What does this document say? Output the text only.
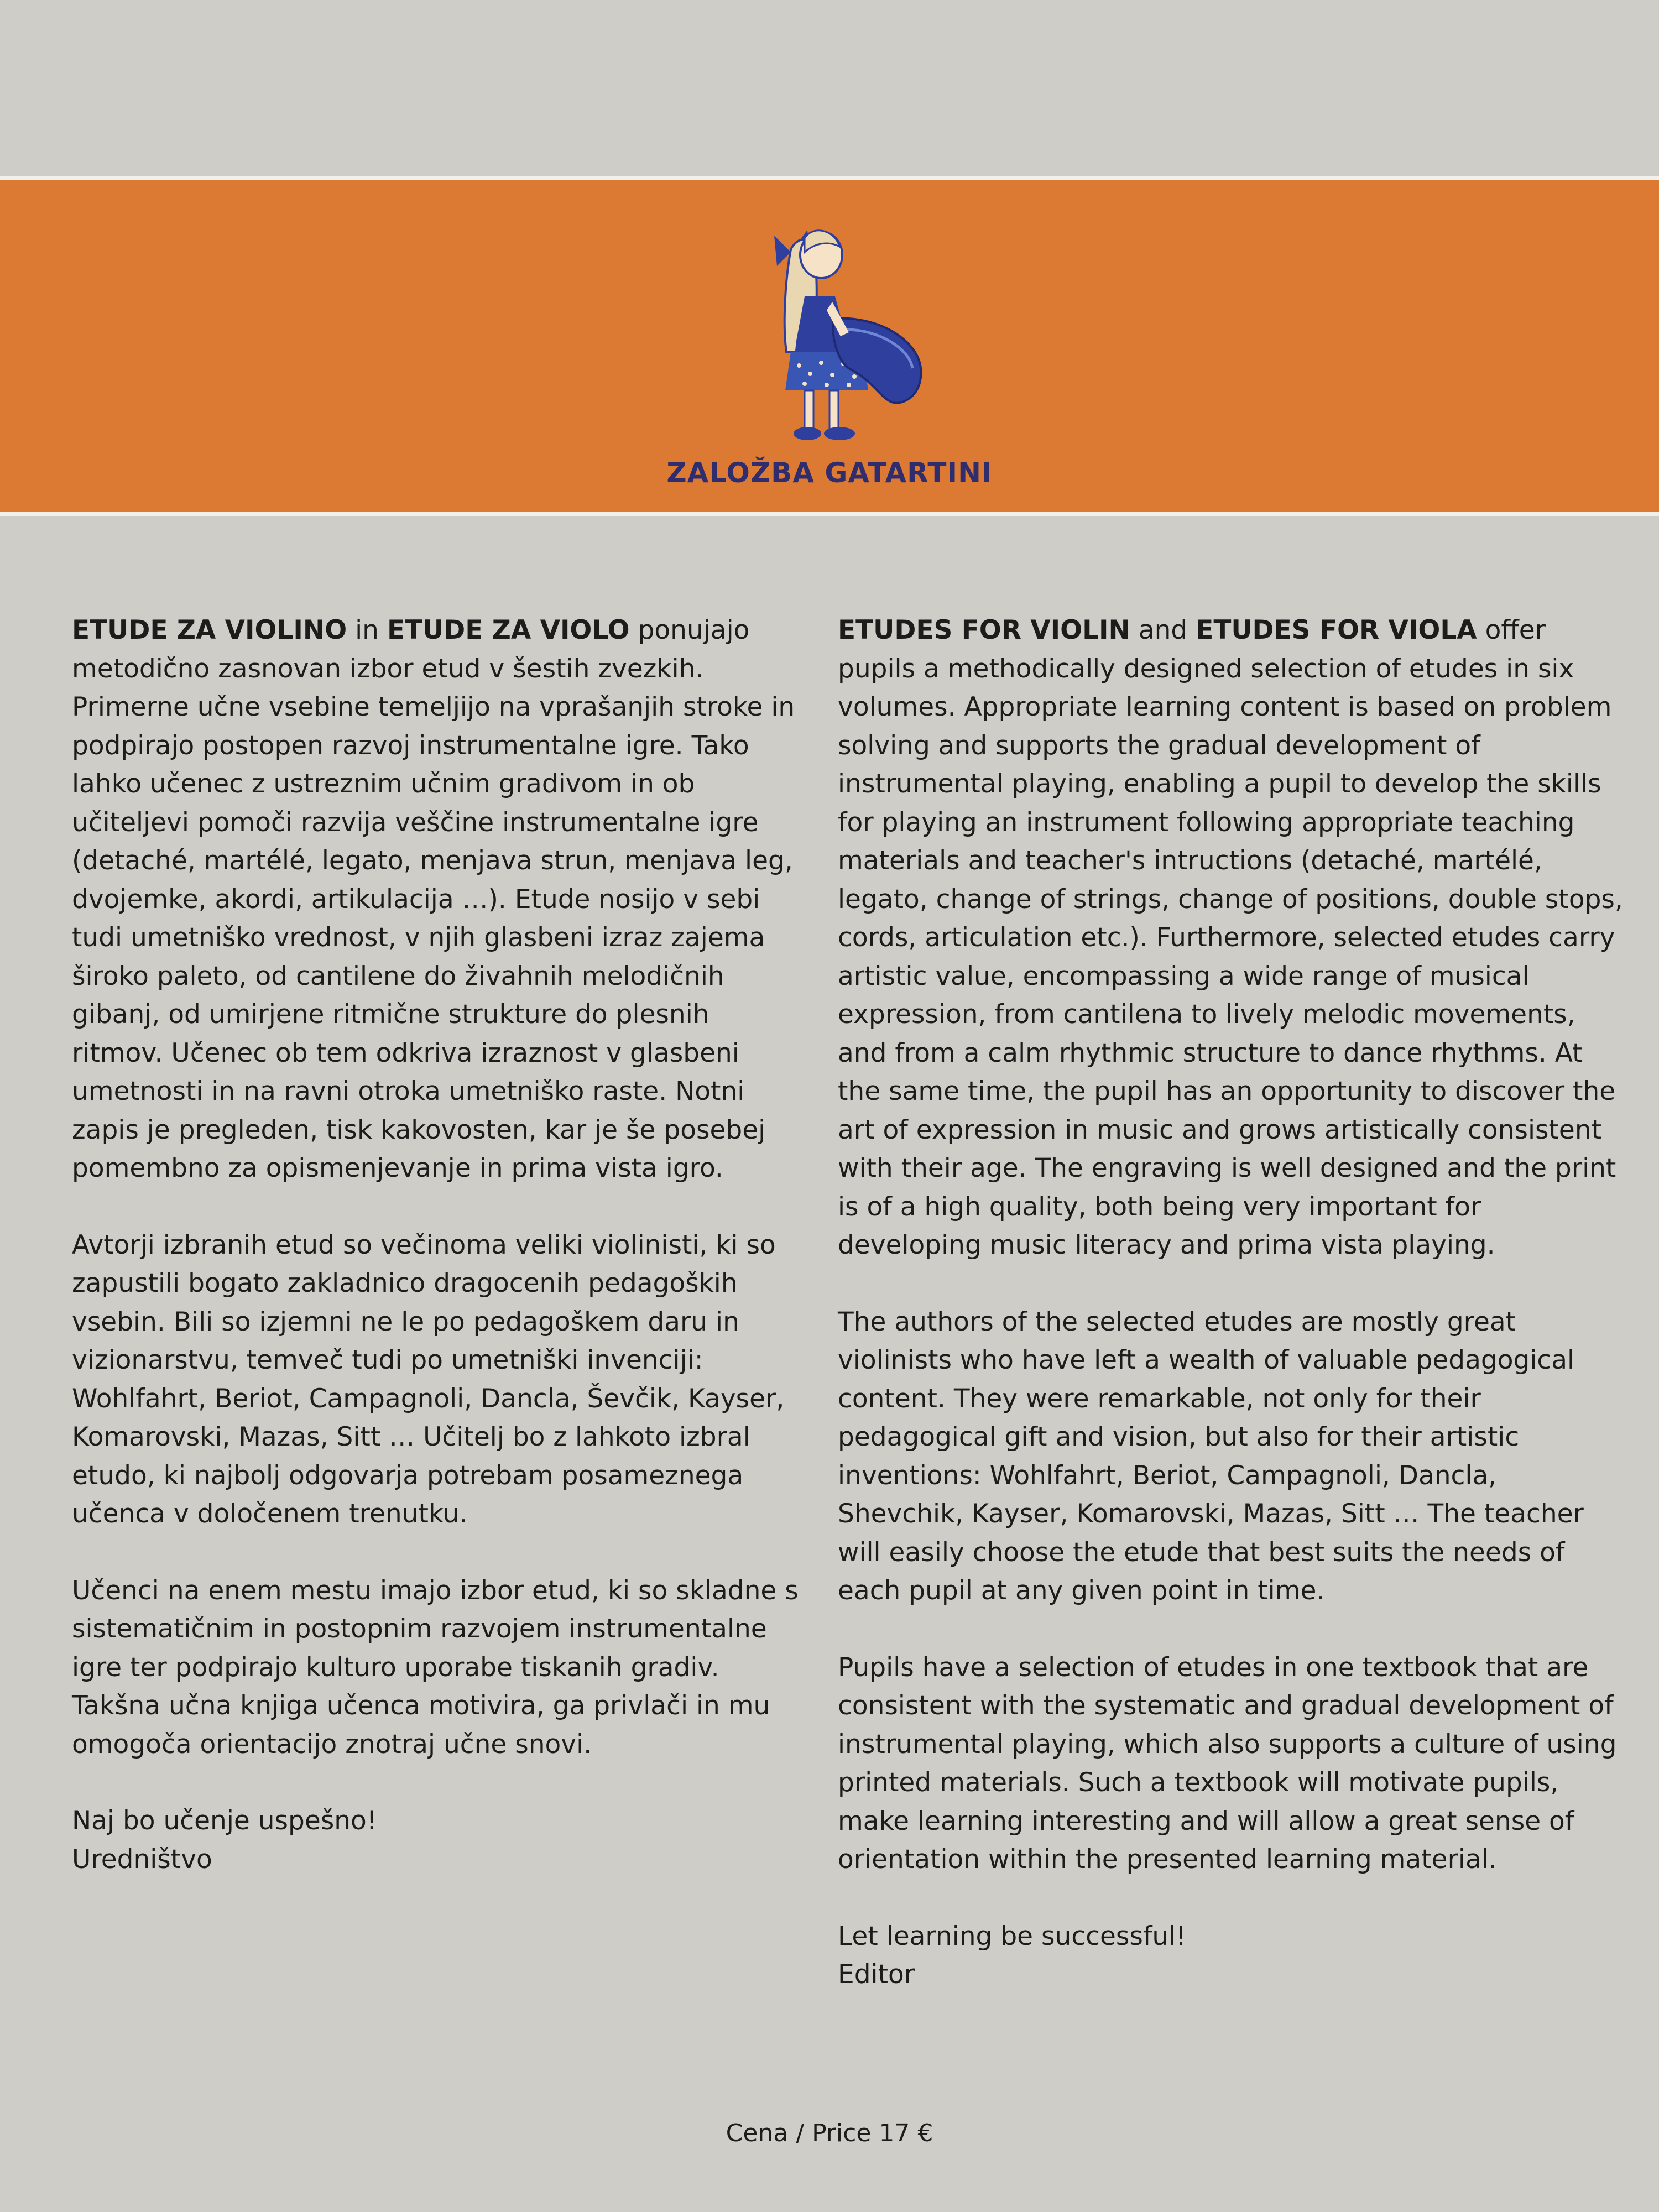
ZALOŽBA GATARTINI

ETUDE ZA VIOLINO in ETUDE ZA VIOLO ponujajo metodično zasnovan izbor etud v šestih zvezkih. Primerne učne vsebine temeljijo na vprašanjih stroke in podpirajo postopen razvoj instrumentalne igre. Tako lahko učenec z ustreznim učnim gradivom in ob učiteljevi pomoči razvija veščine instrumentalne igre (detaché, martélé, legato, menjava strun, menjava leg, dvojemke, akordi, artikulacija …). Etude nosijo v sebi tudi umetniško vrednost, v njih glasbeni izraz zajema široko paleto, od cantilene do živahnih melodičnih gibanj, od umirjene ritmične strukture do plesnih ritmov. Učenec ob tem odkriva izraznost v glasbeni umetnosti in na ravni otroka umetniško raste. Notni zapis je pregleden, tisk kakovosten, kar je še posebej pomembno za opismenjevanje in prima vista igro.

Avtorji izbranih etud so večinoma veliki violinisti, ki so zapustili bogato zakladnico dragocenih pedagoških vsebin. Bili so izjemni ne le po pedagoškem daru in vizionarstvu, temveč tudi po umetniški invenciji: Wohlfahrt, Beriot, Campagnoli, Dancla, Ševčik, Kayser, Komarovski, Mazas, Sitt … Učitelj bo z lahkoto izbral etudo, ki najbolj odgovarja potrebam posameznega učenca v določenem trenutku.

Učenci na enem mestu imajo izbor etud, ki so skladne s sistematičnim in postopnim razvojem instrumentalne igre ter podpirajo kulturo uporabe tiskanih gradiv. Takšna učna knjiga učenca motivira, ga privlači in mu omogoča orientacijo znotraj učne snovi.

Naj bo učenje uspešno!
Uredništvo

ETUDES FOR VIOLIN and ETUDES FOR VIOLA offer pupils a methodically designed selection of etudes in six volumes. Appropriate learning content is based on problem solving and supports the gradual development of instrumental playing, enabling a pupil to develop the skills for playing an instrument following appropriate teaching materials and teacher's intructions (detaché, martélé, legato, change of strings, change of positions, double stops, cords, articulation etc.). Furthermore, selected etudes carry artistic value, encompassing a wide range of musical expression, from cantilena to lively melodic movements, and from a calm rhythmic structure to dance rhythms. At the same time, the pupil has an opportunity to discover the art of expression in music and grows artistically consistent with their age. The engraving is well designed and the print is of a high quality, both being very important for developing music literacy and prima vista playing.

The authors of the selected etudes are mostly great violinists who have left a wealth of valuable pedagogical content. They were remarkable, not only for their pedagogical gift and vision, but also for their artistic inventions: Wohlfahrt, Beriot, Campagnoli, Dancla, Shevchik, Kayser, Komarovski, Mazas, Sitt … The teacher will easily choose the etude that best suits the needs of each pupil at any given point in time.

Pupils have a selection of etudes in one textbook that are consistent with the systematic and gradual development of instrumental playing, which also supports a culture of using printed materials. Such a textbook will motivate pupils, make learning interesting and will allow a great sense of orientation within the presented learning material.

Let learning be successful!
Editor
Cena / Price 17 €
